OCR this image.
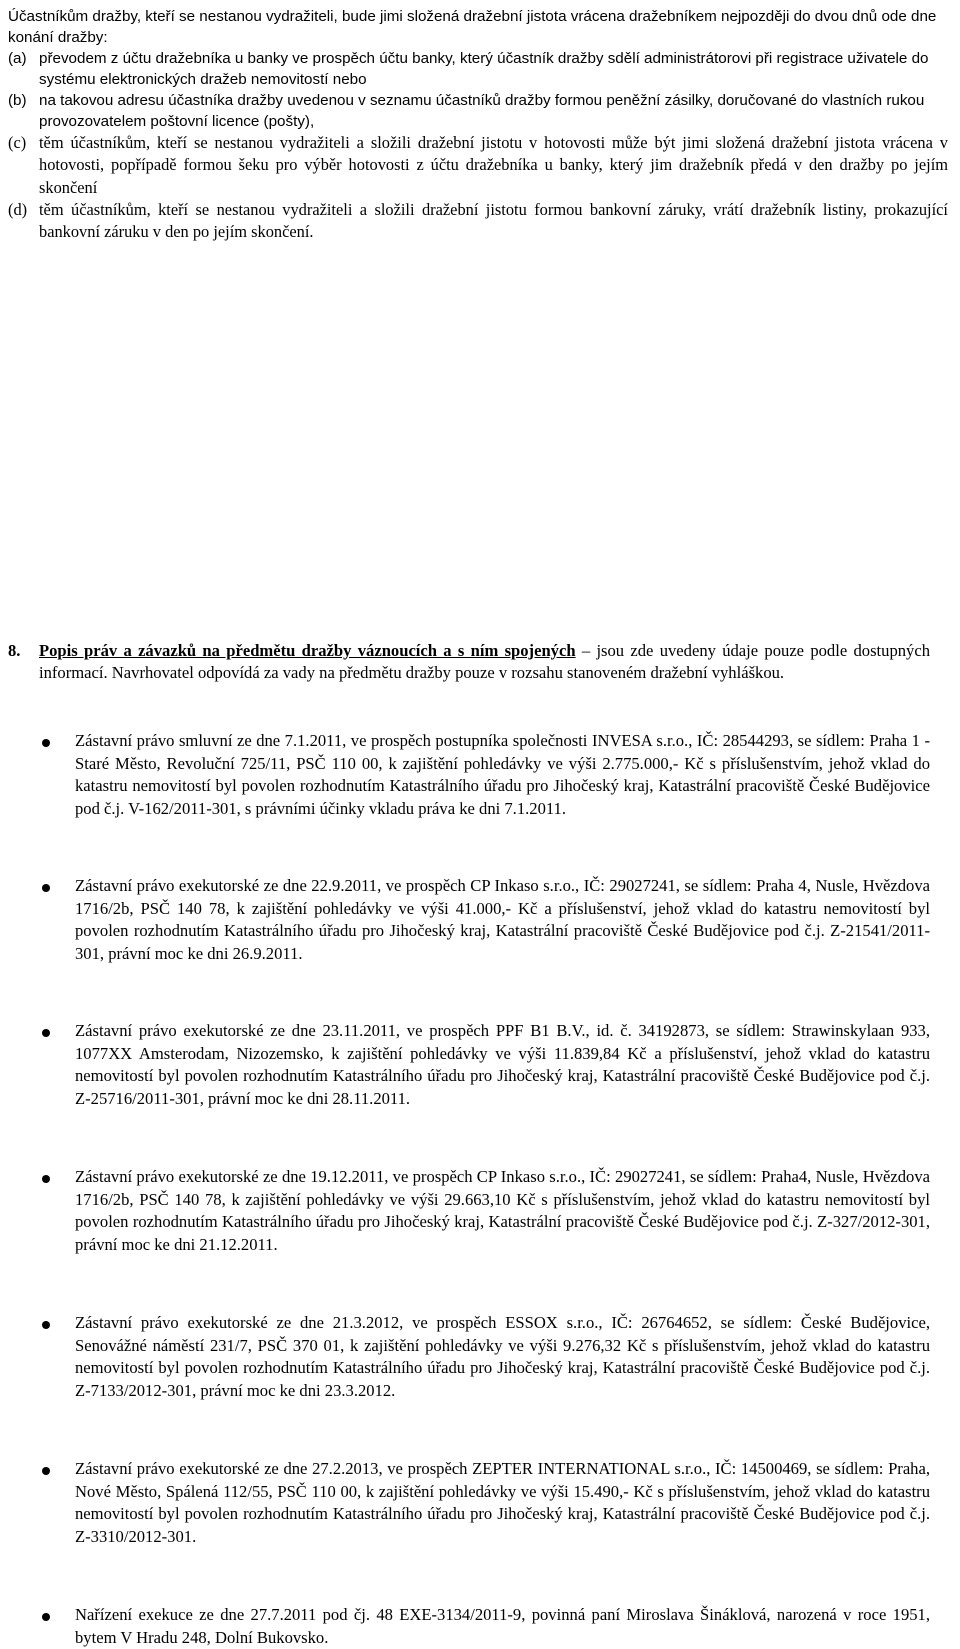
Účastníkům dražby, kteří se nestanou vydražiteli, bude jimi složená dražební jistota vrácena dražebníkem nejpozději do dvou dnů ode dne konání dražby:

(a) převodem z účtu dražebníka u banky ve prospěch účtu banky, který účastník dražby sdělí administrátorovi při registrace uživatele do systému elektronických dražeb nemovitostí nebo
(b) na takovou adresu účastníka dražby uvedenou v seznamu účastníků dražby formou peněžní zásilky, doručované do vlastních rukou provozovatelem poštovní licence (pošty),
(c) těm účastníkům, kteří se nestanou vydražiteli a složili dražební jistotu v hotovosti může být jimi složená dražební jistota vrácena v hotovosti, popřípadě formou šeku pro výběr hotovosti z účtu dražebníka u banky, který jim dražebník předá v den dražby po jejím skončení
(d) těm účastníkům, kteří se nestanou vydražiteli a složili dražební jistotu formou bankovní záruky, vrátí dražebník listiny, prokazující bankovní záruku v den po jejím skončení.
8. Popis práv a závazků na předmětu dražby váznoucích a s ním spojených – jsou zde uvedeny údaje pouze podle dostupných informací. Navrhovatel odpovídá za vady na předmětu dražby pouze v rozsahu stanoveném dražební vyhláškou.
Zástavní právo smluvní ze dne 7.1.2011, ve prospěch postupníka společnosti INVESA s.r.o., IČ: 28544293, se sídlem: Praha 1 - Staré Město, Revoluční 725/11, PSČ 110 00, k zajištění pohledávky ve výši 2.775.000,- Kč s příslušenstvím, jehož vklad do katastru nemovitostí byl povolen rozhodnutím Katastrálního úřadu pro Jihočeský kraj, Katastrální pracoviště České Budějovice pod č.j. V-162/2011-301, s právními účinky vkladu práva ke dni 7.1.2011.
Zástavní právo exekutorské ze dne 22.9.2011, ve prospěch CP Inkaso s.r.o., IČ: 29027241, se sídlem: Praha 4, Nusle, Hvězdova 1716/2b, PSČ 140 78, k zajištění pohledávky ve výši 41.000,- Kč a příslušenství, jehož vklad do katastru nemovitostí byl povolen rozhodnutím Katastrálního úřadu pro Jihočeský kraj, Katastrální pracoviště České Budějovice pod č.j. Z-21541/2011-301, právní moc ke dni 26.9.2011.
Zástavní právo exekutorské ze dne 23.11.2011, ve prospěch PPF B1 B.V., id. č. 34192873, se sídlem: Strawinskylaan 933, 1077XX Amsterodam, Nizozemsko, k zajištění pohledávky ve výši 11.839,84 Kč a příslušenství, jehož vklad do katastru nemovitostí byl povolen rozhodnutím Katastrálního úřadu pro Jihočeský kraj, Katastrální pracoviště České Budějovice pod č.j. Z-25716/2011-301, právní moc ke dni 28.11.2011.
Zástavní právo exekutorské ze dne 19.12.2011, ve prospěch CP Inkaso s.r.o., IČ: 29027241, se sídlem: Praha4, Nusle, Hvězdova 1716/2b, PSČ 140 78, k zajištění pohledávky ve výši 29.663,10 Kč s příslušenstvím, jehož vklad do katastru nemovitostí byl povolen rozhodnutím Katastrálního úřadu pro Jihočeský kraj, Katastrální pracoviště České Budějovice pod č.j. Z-327/2012-301, právní moc ke dni 21.12.2011.
Zástavní právo exekutorské ze dne 21.3.2012, ve prospěch ESSOX s.r.o., IČ: 26764652, se sídlem: České Budějovice, Senovážné náměstí 231/7, PSČ 370 01, k zajištění pohledávky ve výši 9.276,32 Kč s příslušenstvím, jehož vklad do katastru nemovitostí byl povolen rozhodnutím Katastrálního úřadu pro Jihočeský kraj, Katastrální pracoviště České Budějovice pod č.j. Z-7133/2012-301, právní moc ke dni 23.3.2012.
Zástavní právo exekutorské ze dne 27.2.2013, ve prospěch ZEPTER INTERNATIONAL s.r.o., IČ: 14500469, se sídlem: Praha, Nové Město, Spálená 112/55, PSČ 110 00, k zajištění pohledávky ve výši 15.490,- Kč s příslušenstvím, jehož vklad do katastru nemovitostí byl povolen rozhodnutím Katastrálního úřadu pro Jihočeský kraj, Katastrální pracoviště České Budějovice pod č.j. Z-3310/2012-301.
Nařízení exekuce ze dne 27.7.2011 pod čj. 48 EXE-3134/2011-9, povinná paní Miroslava Šináklová, narozená v roce 1951, bytem V Hradu 248, Dolní Bukovsko.
